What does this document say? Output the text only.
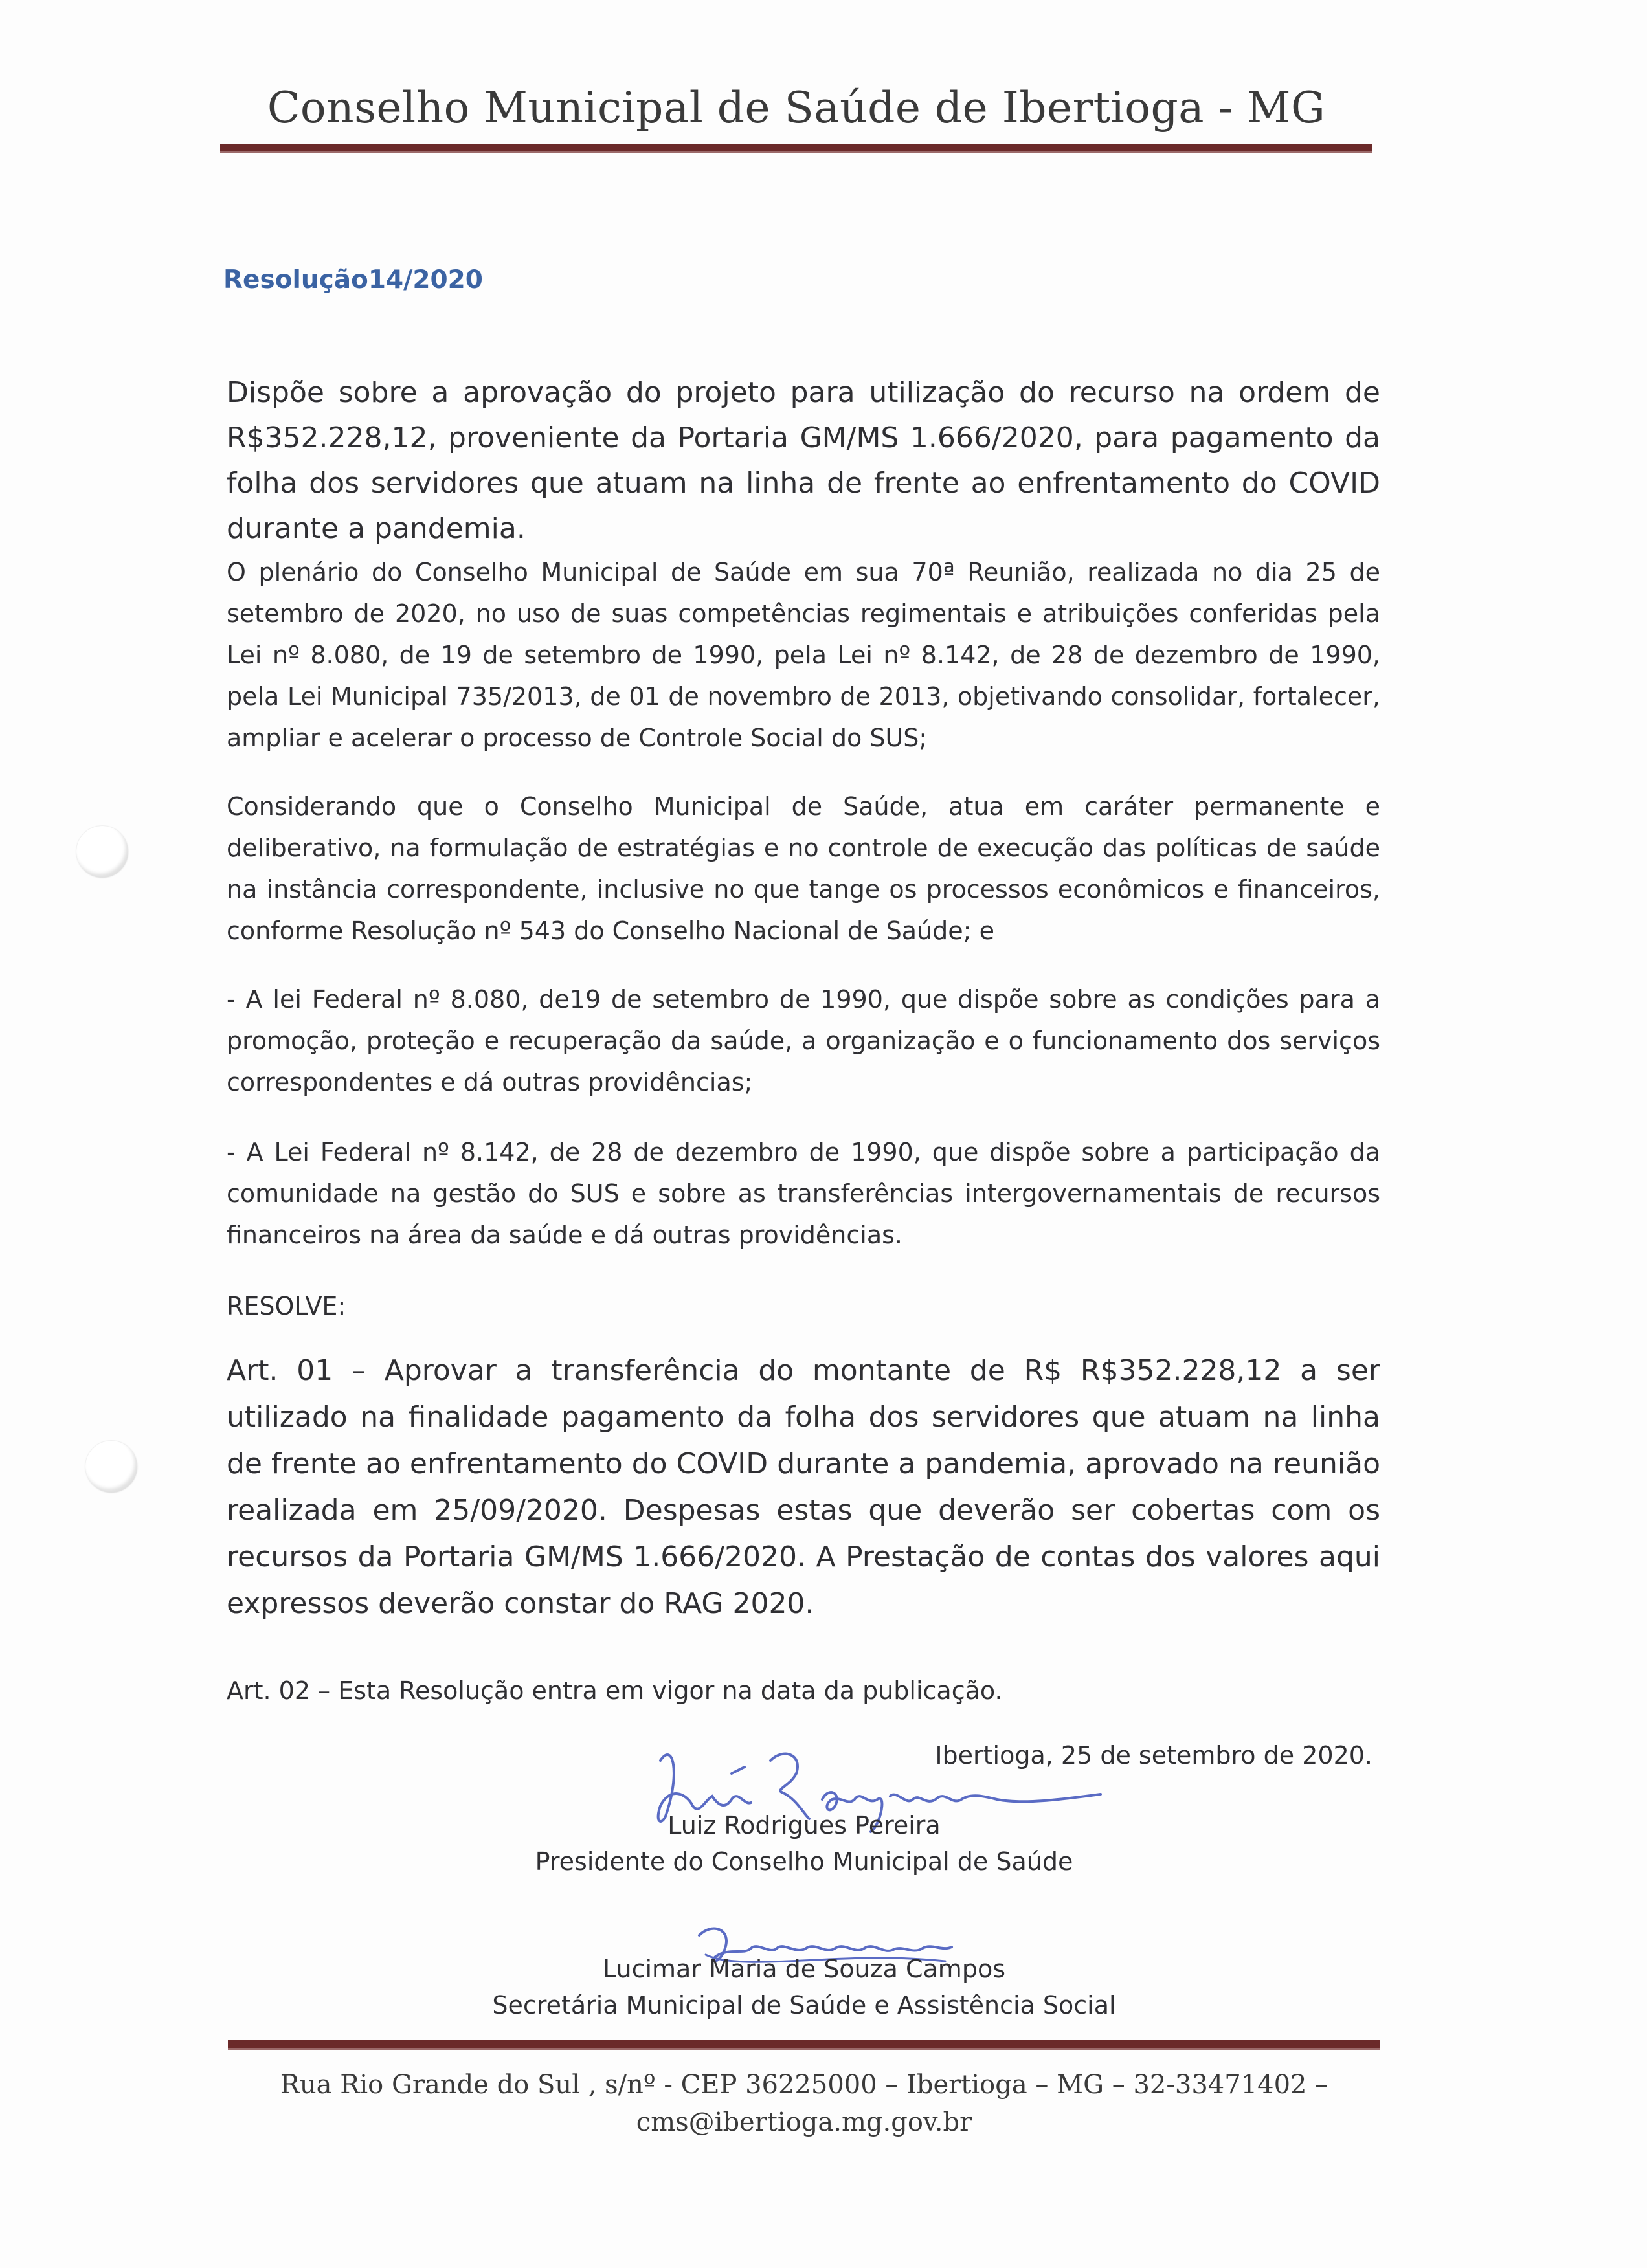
Conselho Municipal de Saúde de Ibertioga - MG
Resolução14/2020
Dispõe sobre a aprovação do projeto para utilização do recurso na ordem de R$352.228,12, proveniente da Portaria GM/MS 1.666/2020, para pagamento da folha dos servidores que atuam na linha de frente ao enfrentamento do COVID durante a pandemia.
O plenário do Conselho Municipal de Saúde em sua 70ª Reunião, realizada no dia 25 de setembro de 2020, no uso de suas competências regimentais e atribuições conferidas pela Lei nº 8.080, de 19 de setembro de 1990, pela Lei nº 8.142, de 28 de dezembro de 1990, pela Lei Municipal 735/2013, de 01 de novembro de 2013, objetivando consolidar, fortalecer, ampliar e acelerar o processo de Controle Social do SUS;
Considerando que o Conselho Municipal de Saúde, atua em caráter permanente e deliberativo, na formulação de estratégias e no controle de execução das políticas de saúde na instância correspondente, inclusive no que tange os processos econômicos e financeiros, conforme Resolução nº 543 do Conselho Nacional de Saúde; e
- A lei Federal nº 8.080, de19 de setembro de 1990, que dispõe sobre as condições para a promoção, proteção e recuperação da saúde, a organização e o funcionamento dos serviços correspondentes e dá outras providências;
- A Lei Federal nº 8.142, de 28 de dezembro de 1990, que dispõe sobre a participação da comunidade na gestão do SUS e sobre as transferências intergovernamentais de recursos financeiros na área da saúde e dá outras providências.
RESOLVE:
Art. 01 – Aprovar a transferência do montante de R$ R$352.228,12 a ser utilizado na finalidade pagamento da folha dos servidores que atuam na linha de frente ao enfrentamento do COVID durante a pandemia, aprovado na reunião realizada em 25/09/2020. Despesas estas que deverão ser cobertas com os recursos da Portaria GM/MS 1.666/2020. A Prestação de contas dos valores aqui expressos deverão constar do RAG 2020.
Art. 02 – Esta Resolução entra em vigor na data da publicação.
Ibertioga, 25 de setembro de 2020.
Luiz Rodrigues Pereira
Presidente do Conselho Municipal de Saúde
Lucimar Maria de Souza Campos
Secretária Municipal de Saúde e Assistência Social
Rua Rio Grande do Sul , s/nº - CEP 36225000 – Ibertioga – MG – 32-33471402 –
cms@ibertioga.mg.gov.br
